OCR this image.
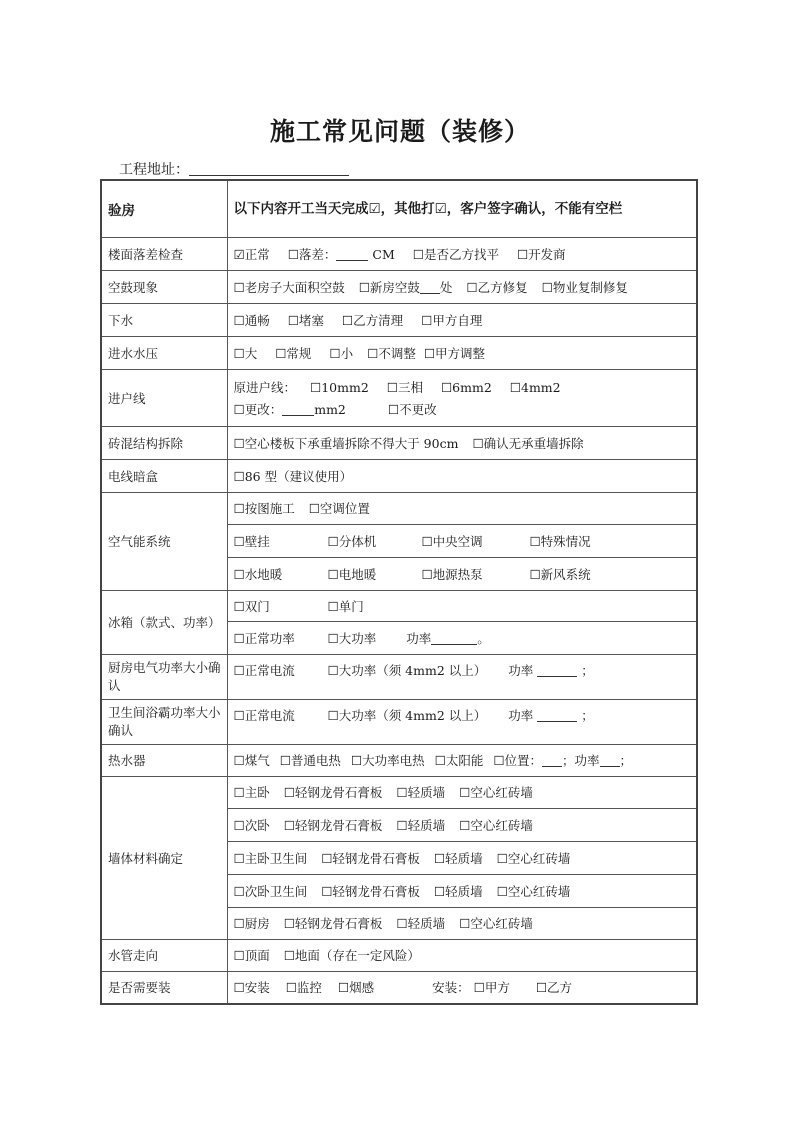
施工常见问题（装修）
工程地址：
验房	以下内容开工当天完成☑，其他打☑，客户签字确认，不能有空栏
楼面落差检查	☑正常 ☐落差： CM ☐是否乙方找平 ☐开发商
空鼓现象	☐老房子大面积空鼓 ☐新房空鼓 处 ☐乙方修复 ☐物业复制修复
下水	☐通畅 ☐堵塞 ☐乙方清理 ☐甲方自理
进水水压	☐大 ☐常规 ☐小 ☐不调整 ☐甲方调整
进户线	原进户线： ☐10mm2 ☐三相 ☐6mm2 ☐4mm2
☐更改： mm2 ☐不更改

砖混结构拆除	☐空心楼板下承重墙拆除不得大于 90cm ☐确认无承重墙拆除
电线暗盒	☐86 型（建议使用）
空气能系统	☐按图施工 ☐空调位置
	☐壁挂 ☐分体机 ☐中央空调 ☐特殊情况
	☐水地暖 ☐电地暖 ☐地源热泵 ☐新风系统
冰箱（款式、功率）	☐双门 ☐单门
	☐正常功率 ☐大功率 功率 。
厨房电气功率大小确认	☐正常电流 ☐大功率（须 4mm2 以上） 功率 ；
卫生间浴霸功率大小确认	☐正常电流 ☐大功率（须 4mm2 以上） 功率 ；
热水器	☐煤气 ☐普通电热 ☐大功率电热 ☐太阳能 ☐位置： ；功率 ；
墙体材料确定	☐主卧 ☐轻钢龙骨石膏板 ☐轻质墙 ☐空心红砖墙
	☐次卧 ☐轻钢龙骨石膏板 ☐轻质墙 ☐空心红砖墙
	☐主卧卫生间 ☐轻钢龙骨石膏板 ☐轻质墙 ☐空心红砖墙
	☐次卧卫生间 ☐轻钢龙骨石膏板 ☐轻质墙 ☐空心红砖墙
	☐厨房 ☐轻钢龙骨石膏板 ☐轻质墙 ☐空心红砖墙
水管走向	☐顶面 ☐地面（存在一定风险）
是否需要装	☐安装 ☐监控 ☐烟感 安装： ☐甲方 ☐乙方
